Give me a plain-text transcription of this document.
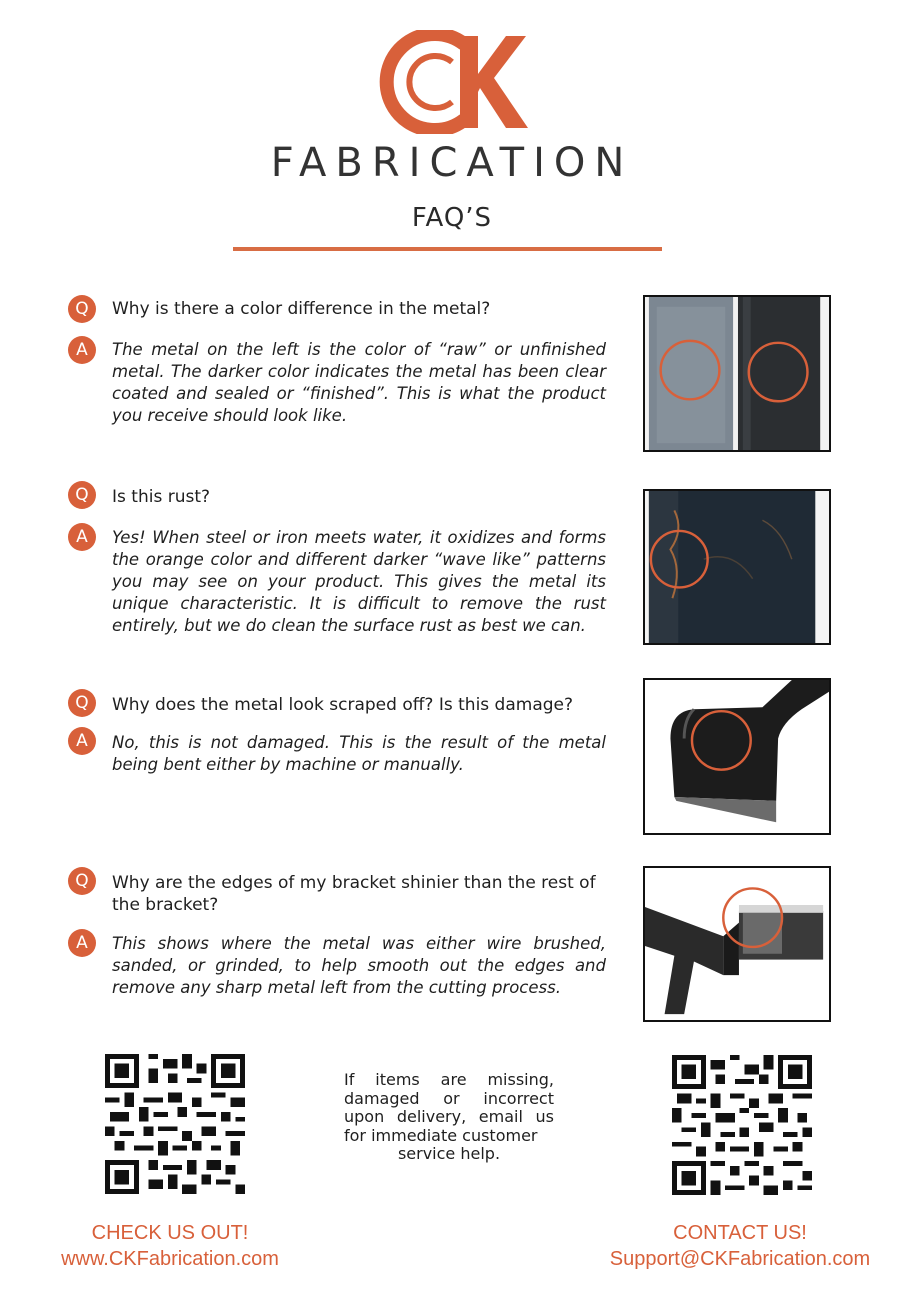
FABRICATION
FAQ’S
Q	Why is there a color difference in the metal?
A	The metal on the left is the color of “raw” or unfinished metal. The darker color indicates the metal has been clear coated and sealed or “finished”. This is what the product you receive should look like.
Q	Is this rust?
A	Yes! When steel or iron meets water, it oxidizes and forms the orange color and different darker “wave like” patterns you may see on your product. This gives the metal its unique characteristic. It is difficult to remove the rust entirely, but we do clean the surface rust as best we can.
Q	Why does the metal look scraped off? Is this damage?
A	No, this is not damaged. This is the result of the metal being bent either by machine or manually.
Q	Why are the edges of my bracket shinier than the rest of the bracket?
A	This shows where the metal was either wire brushed, sanded, or grinded, to help smooth out the edges and remove any sharp metal left from the cutting process.
If items are missing, damaged or incorrect upon delivery, email us for immediate customer
service help.
CHECK US OUT!
www.CKFabrication.com
CONTACT US!
Support@CKFabrication.com
